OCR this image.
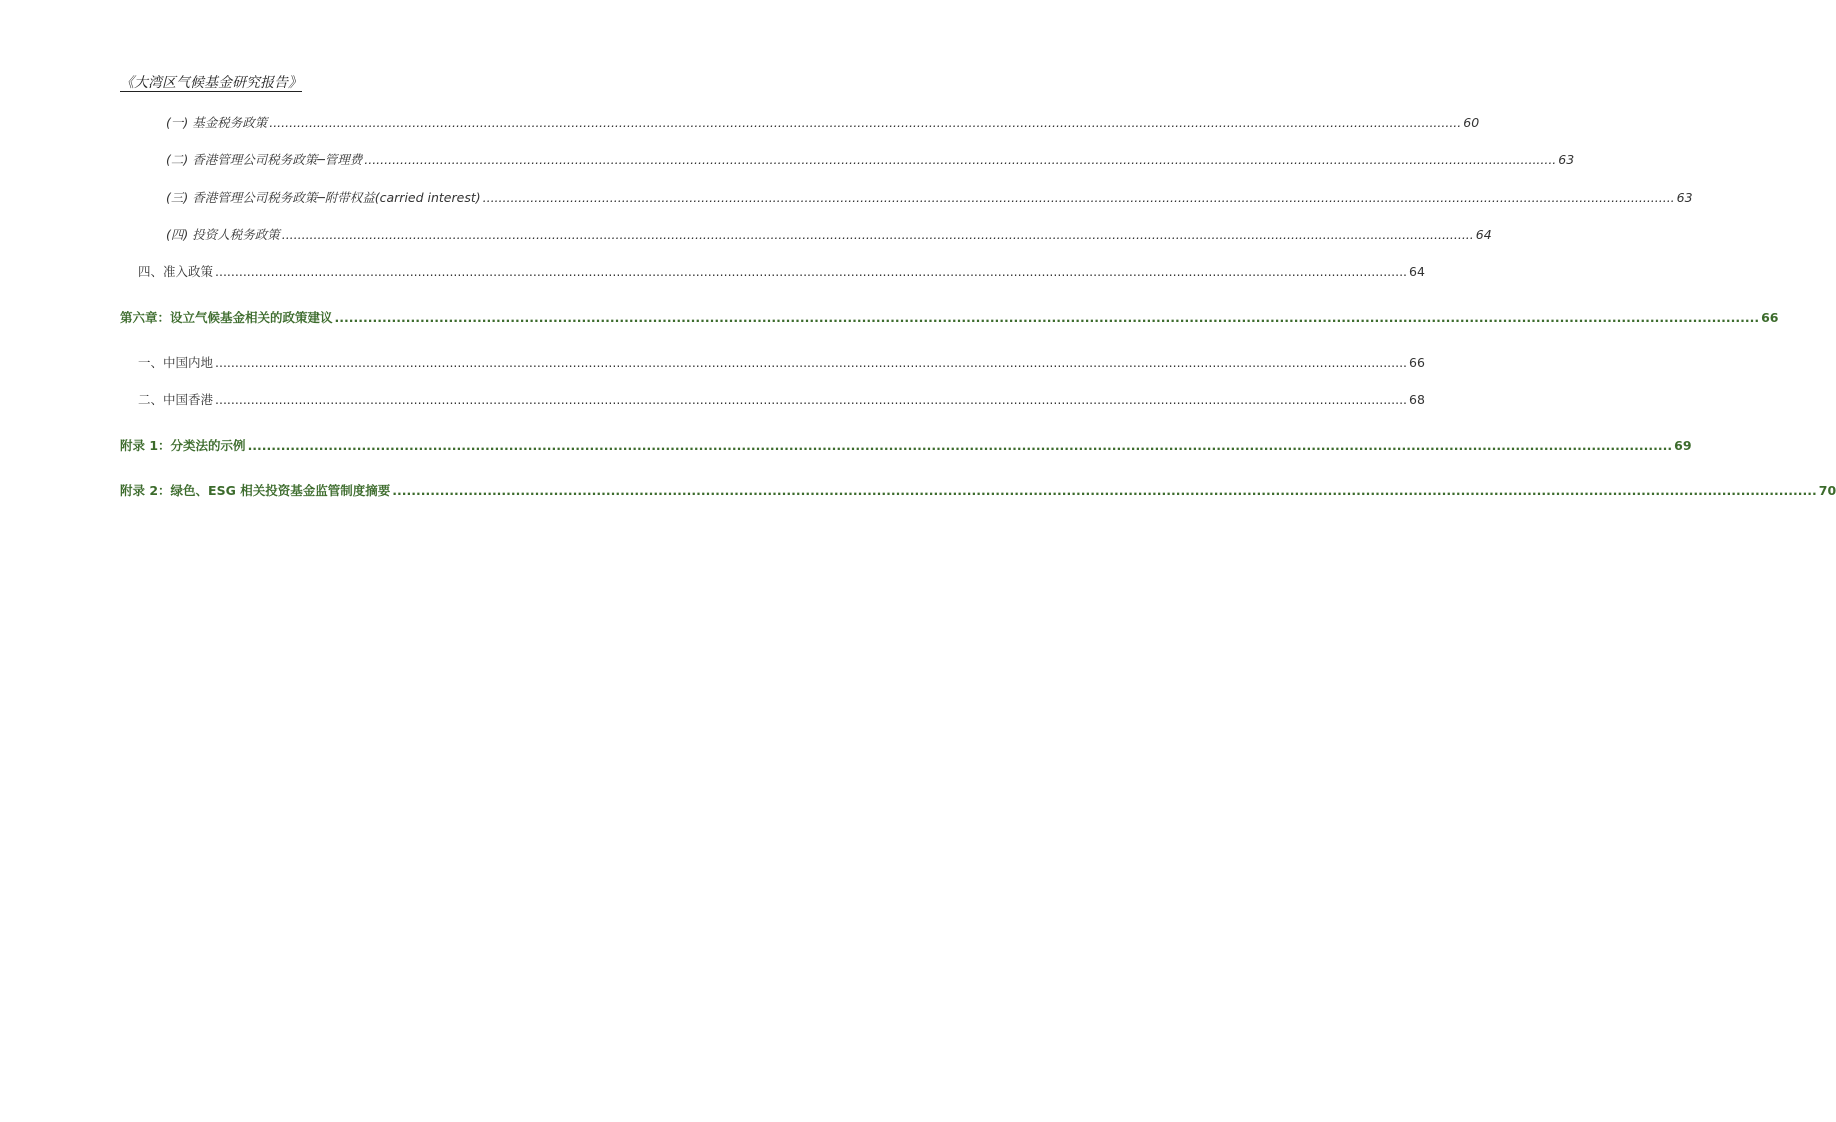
《大湾区气候基金研究报告》
(一) 基金税务政策 ............................................................................................................................................................................................................................................................................................................ 60
(二) 香港管理公司税务政策─管理费 ............................................................................................................................................................................................................................................................................................................ 63
(三) 香港管理公司税务政策─附带权益(carried interest) ............................................................................................................................................................................................................................................................................................................ 63
(四) 投资人税务政策 ............................................................................................................................................................................................................................................................................................................ 64
四、准入政策 ............................................................................................................................................................................................................................................................................................................ 64
第六章：设立气候基金相关的政策建议 ............................................................................................................................................................................................................................................................................................................ 66
一、中国内地 ............................................................................................................................................................................................................................................................................................................ 66
二、中国香港 ............................................................................................................................................................................................................................................................................................................ 68
附录 1：分类法的示例 ............................................................................................................................................................................................................................................................................................................ 69
附录 2：绿色、ESG 相关投资基金监管制度摘要 ............................................................................................................................................................................................................................................................................................................ 70
